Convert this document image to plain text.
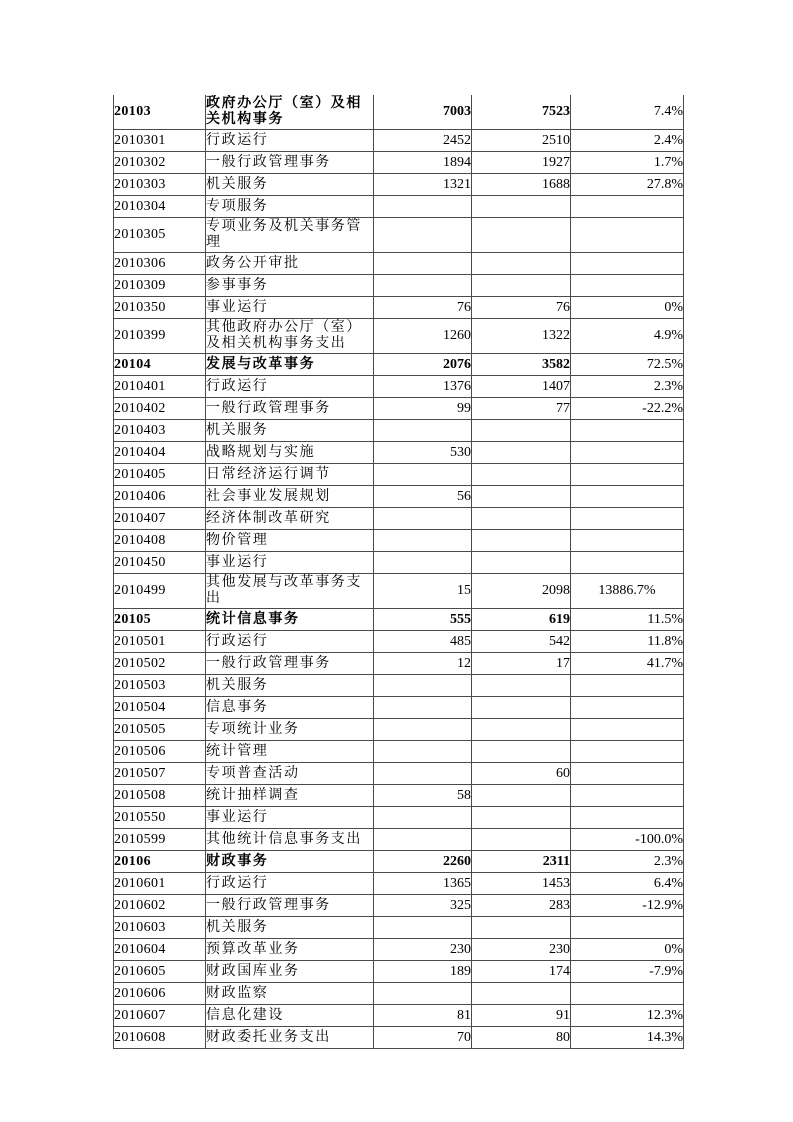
20103	政府办公厅（室）及相关机构事务	7003	7523	7.4%
2010301	行政运行	2452	2510	2.4%
2010302	一般行政管理事务	1894	1927	1.7%
2010303	机关服务	1321	1688	27.8%
2010304	专项服务			
2010305	专项业务及机关事务管理			
2010306	政务公开审批			
2010309	参事事务			
2010350	事业运行	76	76	0%
2010399	其他政府办公厅（室）及相关机构事务支出	1260	1322	4.9%
20104	发展与改革事务	2076	3582	72.5%
2010401	行政运行	1376	1407	2.3%
2010402	一般行政管理事务	99	77	-22.2%
2010403	机关服务			
2010404	战略规划与实施	530		
2010405	日常经济运行调节			
2010406	社会事业发展规划	56		
2010407	经济体制改革研究			
2010408	物价管理			
2010450	事业运行			
2010499	其他发展与改革事务支出	15	2098	13886.7%
20105	统计信息事务	555	619	11.5%
2010501	行政运行	485	542	11.8%
2010502	一般行政管理事务	12	17	41.7%
2010503	机关服务			
2010504	信息事务			
2010505	专项统计业务			
2010506	统计管理			
2010507	专项普查活动		60	
2010508	统计抽样调查	58		
2010550	事业运行			
2010599	其他统计信息事务支出			-100.0%
20106	财政事务	2260	2311	2.3%
2010601	行政运行	1365	1453	6.4%
2010602	一般行政管理事务	325	283	-12.9%
2010603	机关服务			
2010604	预算改革业务	230	230	0%
2010605	财政国库业务	189	174	-7.9%
2010606	财政监察			
2010607	信息化建设	81	91	12.3%
2010608	财政委托业务支出	70	80	14.3%
